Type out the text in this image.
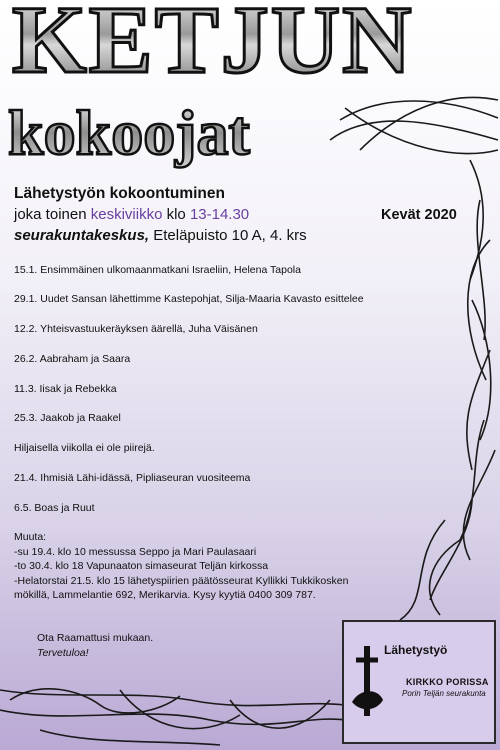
KETJUN
kokoojat
Lähetystyön kokoontuminen
joka toinen keskiviikko klo 13-14.30
seurakuntakeskus, Eteläpuisto 10 A, 4. krs
Kevät 2020
15.1. Ensimmäinen ulkomaanmatkani Israeliin, Helena Tapola
29.1. Uudet Sansan lähettimme Kastepohjat, Silja-Maaria Kavasto esittelee
12.2. Yhteisvastuukeräyksen äärellä, Juha Väisänen
26.2. Aabraham ja Saara
11.3. Iisak ja Rebekka
25.3. Jaakob ja Raakel
Hiljaisella viikolla ei ole piirejä.
21.4. Ihmisiä Lähi-idässä, Pipliaseuran vuositeema
6.5. Boas ja Ruut
Muuta:
-su 19.4. klo 10 messussa Seppo ja Mari Paulasaari
-to 30.4. klo 18 Vapunaaton simaseurat Teljän kirkossa
-Helatorstai 21.5. klo 15 lähetyspiirien päätösseurat Kyllikki Tukkikosken
mökillä, Lammelantie 692, Merikarvia. Kysy kyytiä 0400 309 787.
Ota Raamattusi mukaan.
Tervetuloa!	Lähetystyö
KIRKKO PORISSA
Porin Teljän seurakunta
